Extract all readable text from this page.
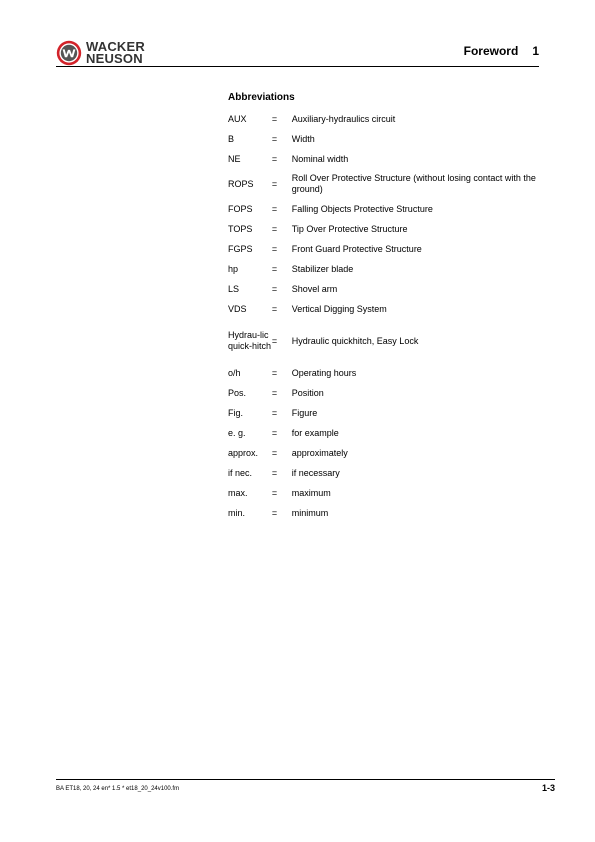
WACKER
NEUSON	Foreword 1
Abbreviations
AUX	=	Auxiliary-hydraulics circuit
B	=	Width
NE	=	Nominal width
ROPS	=	Roll Over Protective Structure (without losing contact with the ground)
FOPS	=	Falling Objects Protective Structure
TOPS	=	Tip Over Protective Structure
FGPS	=	Front Guard Protective Structure
hp	=	Stabilizer blade
LS	=	Shovel arm
VDS	=	Vertical Digging System
Hydrau-lic quick-hitch	=	Hydraulic quickhitch, Easy Lock
o/h	=	Operating hours
Pos.	=	Position
Fig.	=	Figure
e. g.	=	for example
approx.	=	approximately
if nec.	=	if necessary
max.	=	maximum
min.	=	minimum
BA ET18, 20, 24 en* 1.5 * et18_20_24v100.fm	1-3
